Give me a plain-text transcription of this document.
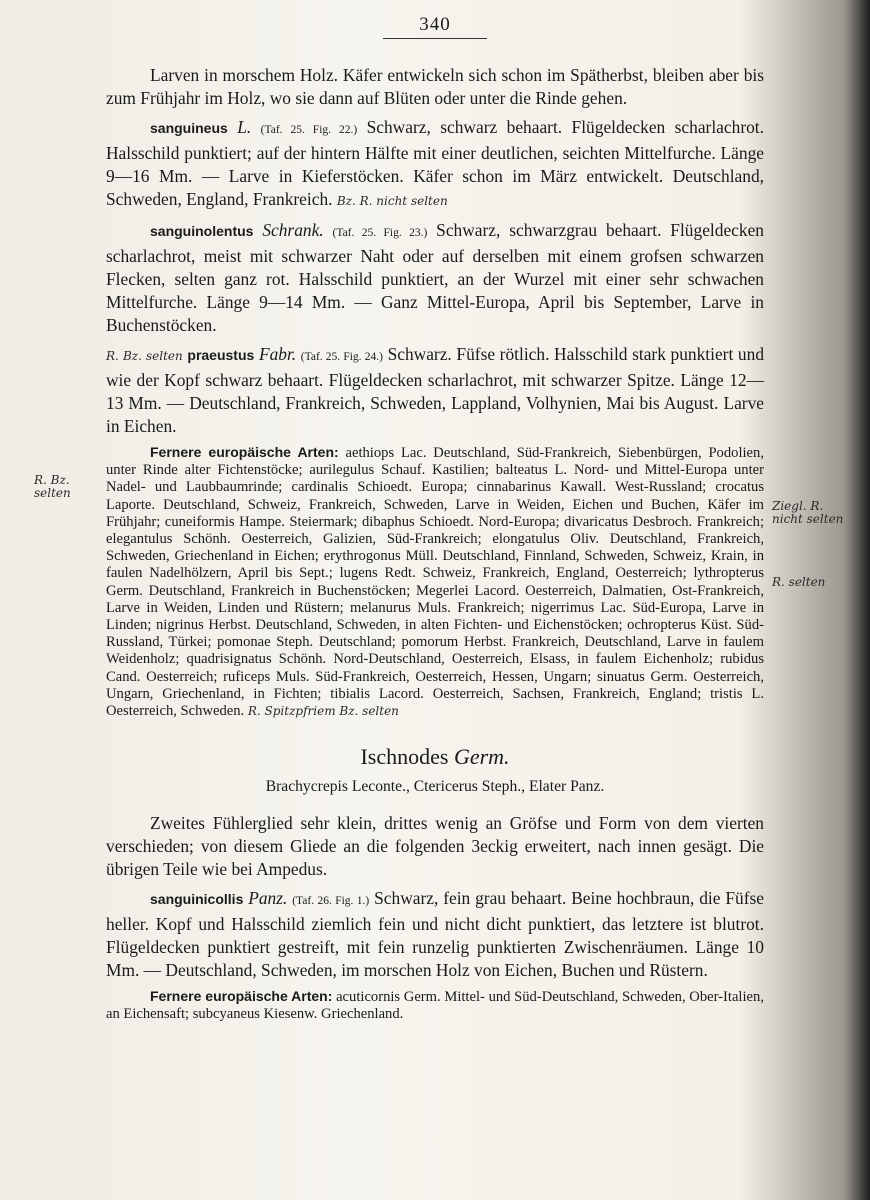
340
R. Bz. selten
Ziegl. R. nicht selten
R. selten

Larven in morschem Holz. Käfer entwickeln sich schon im Spätherbst, bleiben aber bis zum Frühjahr im Holz, wo sie dann auf Blüten oder unter die Rinde gehen.

sanguineus L. (Taf. 25. Fig. 22.) Schwarz, schwarz behaart. Flügeldecken scharlachrot. Halsschild punktiert; auf der hintern Hälfte mit einer deutlichen, seichten Mittelfurche. Länge 9—16 Mm. — Larve in Kieferstöcken. Käfer schon im März entwickelt. Deutschland, Schweden, England, Frankreich. Bz. R. nicht selten

sanguinolentus Schrank. (Taf. 25. Fig. 23.) Schwarz, schwarzgrau behaart. Flügeldecken scharlachrot, meist mit schwarzer Naht oder auf derselben mit einem grofsen schwarzen Flecken, selten ganz rot. Halsschild punktiert, an der Wurzel mit einer sehr schwachen Mittelfurche. Länge 9—14 Mm. — Ganz Mittel-Europa, April bis September, Larve in Buchenstöcken.

R. Bz. selten praeustus Fabr. (Taf. 25. Fig. 24.) Schwarz. Füfse rötlich. Halsschild stark punktiert und wie der Kopf schwarz behaart. Flügeldecken scharlachrot, mit schwarzer Spitze. Länge 12—13 Mm. — Deutschland, Frankreich, Schweden, Lappland, Volhynien, Mai bis August. Larve in Eichen.

Fernere europäische Arten: aethiops Lac. Deutschland, Süd-Frankreich, Siebenbürgen, Podolien, unter Rinde alter Fichtenstöcke; aurilegulus Schauf. Kastilien; balteatus L. Nord- und Mittel-Europa unter Nadel- und Laubbaumrinde; cardinalis Schioedt. Europa; cinnabarinus Kawall. West-Russland; crocatus Laporte. Deutschland, Schweiz, Frankreich, Schweden, Larve in Weiden, Eichen und Buchen, Käfer im Frühjahr; cuneiformis Hampe. Steiermark; dibaphus Schioedt. Nord-Europa; divaricatus Desbroch. Frankreich; elegantulus Schönh. Oesterreich, Galizien, Süd-Frankreich; elongatulus Oliv. Deutschland, Frankreich, Schweden, Griechenland in Eichen; erythrogonus Müll. Deutschland, Finnland, Schweden, Schweiz, Krain, in faulen Nadelhölzern, April bis Sept.; lugens Redt. Schweiz, Frankreich, England, Oesterreich; lythropterus Germ. Deutschland, Frankreich in Buchenstöcken; Megerlei Lacord. Oesterreich, Dalmatien, Ost-Frankreich, Larve in Weiden, Linden und Rüstern; melanurus Muls. Frankreich; nigerrimus Lac. Süd-Europa, Larve in Linden; nigrinus Herbst. Deutschland, Schweden, in alten Fichten- und Eichenstöcken; ochropterus Küst. Süd-Russland, Türkei; pomonae Steph. Deutschland; pomorum Herbst. Frankreich, Deutschland, Larve in faulem Weidenholz; quadrisignatus Schönh. Nord-Deutschland, Oesterreich, Elsass, in faulem Eichenholz; rubidus Cand. Oesterreich; ruficeps Muls. Süd-Frankreich, Oesterreich, Hessen, Ungarn; sinuatus Germ. Oesterreich, Ungarn, Griechenland, in Fichten; tibialis Lacord. Oesterreich, Sachsen, Frankreich, England; tristis L. Oesterreich, Schweden. R. Spitzpfriem Bz. selten

Ischnodes Germ.
Brachycrepis Leconte., Ctericerus Steph., Elater Panz.

Zweites Fühlerglied sehr klein, drittes wenig an Gröfse und Form von dem vierten verschieden; von diesem Gliede an die folgenden 3eckig erweitert, nach innen gesägt. Die übrigen Teile wie bei Ampedus.

sanguinicollis Panz. (Taf. 26. Fig. 1.) Schwarz, fein grau behaart. Beine hochbraun, die Füfse heller. Kopf und Halsschild ziemlich fein und nicht dicht punktiert, das letztere ist blutrot. Flügeldecken punktiert gestreift, mit fein runzelig punktierten Zwischenräumen. Länge 10 Mm. — Deutschland, Schweden, im morschen Holz von Eichen, Buchen und Rüstern.

Fernere europäische Arten: acuticornis Germ. Mittel- und Süd-Deutschland, Schweden, Ober-Italien, an Eichensaft; subcyaneus Kiesenw. Griechenland.
